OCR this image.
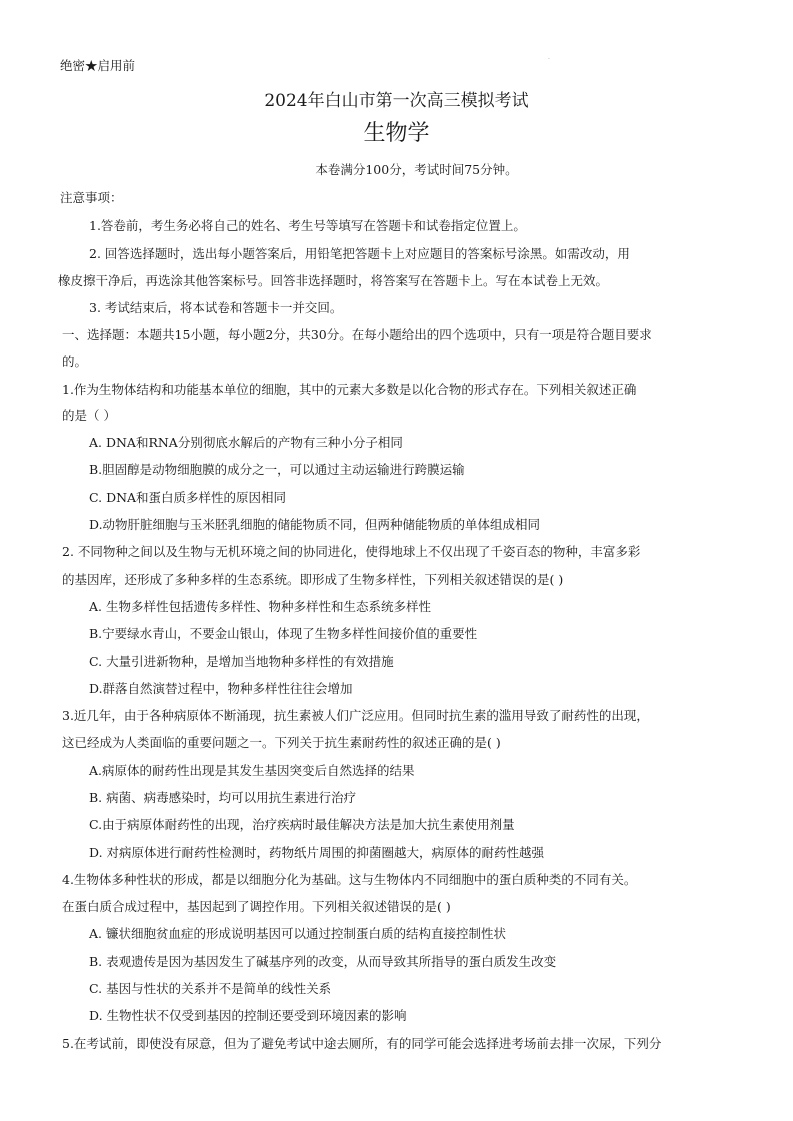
绝密★启用前	·
2024年白山市第一次高三模拟考试
生物学
本卷满分100分，考试时间75分钟。
注意事项：
1.答卷前，考生务必将自己的姓名、考生号等填写在答题卡和试卷指定位置上。
2. 回答选择题时，选出每小题答案后，用铅笔把答题卡上对应题目的答案标号涂黑。如需改动，用
橡皮擦干净后，再选涂其他答案标号。回答非选择题时，将答案写在答题卡上。写在本试卷上无效。
3. 考试结束后，将本试卷和答题卡一并交回。
一、选择题：本题共15小题，每小题2分，共30分。在每小题给出的四个选项中，只有一项是符合题目要求
的。
1.作为生物体结构和功能基本单位的细胞，其中的元素大多数是以化合物的形式存在。下列相关叙述正确
的是（ ）
A. DNA和RNA分别彻底水解后的产物有三种小分子相同
B.胆固醇是动物细胞膜的成分之一，可以通过主动运输进行跨膜运输
C. DNA和蛋白质多样性的原因相同
D.动物肝脏细胞与玉米胚乳细胞的储能物质不同，但两种储能物质的单体组成相同
2. 不同物种之间以及生物与无机环境之间的协同进化，使得地球上不仅出现了千姿百态的物种，丰富多彩
的基因库，还形成了多种多样的生态系统。即形成了生物多样性，下列相关叙述错误的是( )
A. 生物多样性包括遗传多样性、物种多样性和生态系统多样性
B.宁要绿水青山，不要金山银山，体现了生物多样性间接价值的重要性
C. 大量引进新物种，是增加当地物种多样性的有效措施
D.群落自然演替过程中，物种多样性往往会增加
3.近几年，由于各种病原体不断涌现，抗生素被人们广泛应用。但同时抗生素的滥用导致了耐药性的出现，
这已经成为人类面临的重要问题之一。下列关于抗生素耐药性的叙述正确的是( )
A.病原体的耐药性出现是其发生基因突变后自然选择的结果
B. 病菌、病毒感染时，均可以用抗生素进行治疗
C.由于病原体耐药性的出现，治疗疾病时最佳解决方法是加大抗生素使用剂量
D. 对病原体进行耐药性检测时，药物纸片周围的抑菌圈越大，病原体的耐药性越强
4.生物体多种性状的形成，都是以细胞分化为基础。这与生物体内不同细胞中的蛋白质种类的不同有关。
在蛋白质合成过程中，基因起到了调控作用。下列相关叙述错误的是( )
A. 镰状细胞贫血症的形成说明基因可以通过控制蛋白质的结构直接控制性状
B. 表观遗传是因为基因发生了碱基序列的改变，从而导致其所指导的蛋白质发生改变
C. 基因与性状的关系并不是简单的线性关系
D. 生物性状不仅受到基因的控制还要受到环境因素的影响
5.在考试前，即使没有尿意，但为了避免考试中途去厕所，有的同学可能会选择进考场前去排一次尿，下列分
